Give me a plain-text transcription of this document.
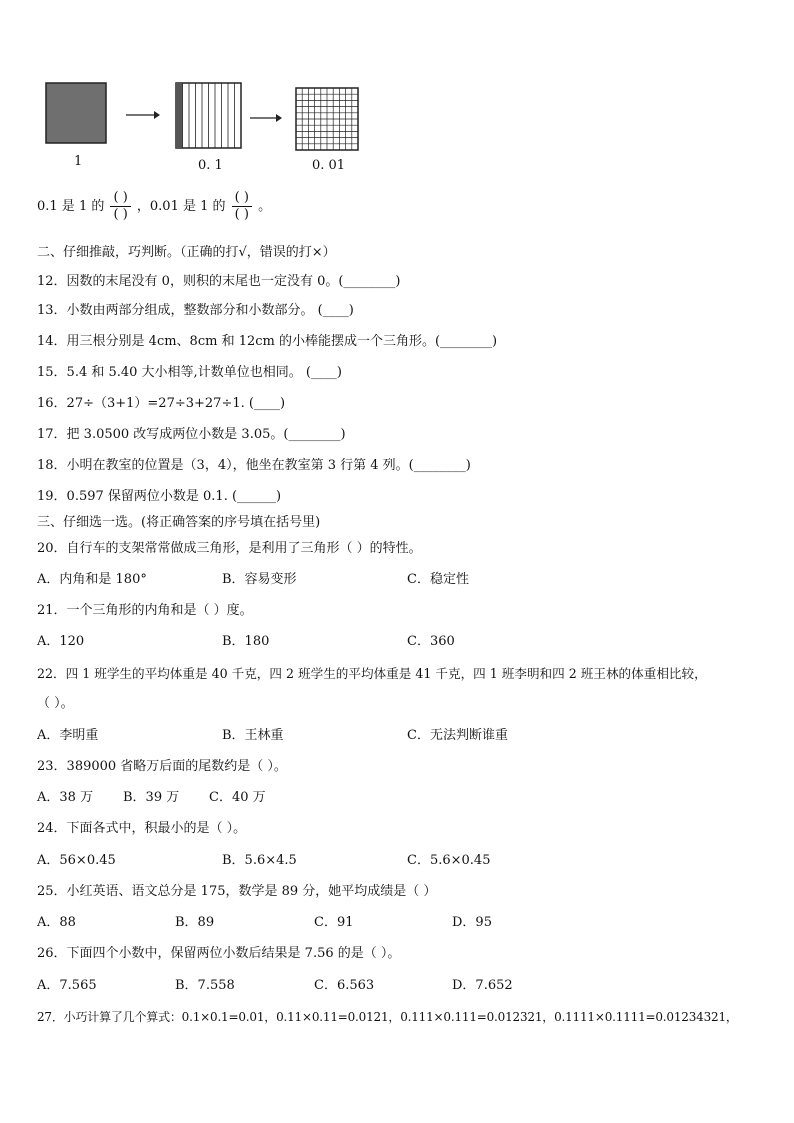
1	0. 1	0. 01
0.1 是 1 的 $\frac{( )}{( )}$ ，0.01 是 1 的 $\frac{( )}{( )}$ 。
二、仔细推敲，巧判断。（正确的打√，错误的打×）
12．因数的末尾没有 0，则积的末尾也一定没有 0。(________)
13．小数由两部分组成，整数部分和小数部分。 (____)
14．用三根分别是 4cm、8cm 和 12cm 的小棒能摆成一个三角形。(________)
15．5.4 和 5.40 大小相等,计数单位也相同。 (____)
16．27÷（3+1）=27÷3+27÷1. (____)
17．把 3.0500 改写成两位小数是 3.05。(________)
18．小明在教室的位置是（3，4），他坐在教室第 3 行第 4 列。(________)
19．0.597 保留两位小数是 0.1. (______)
三、仔细选一选。(将正确答案的序号填在括号里)
20．自行车的支架常常做成三角形，是利用了三角形（ ）的特性。
A．内角和是 180°	B．容易变形	C．稳定性
21．一个三角形的内角和是（ ）度。
A．120	B．180	C．360
22．四 1 班学生的平均体重是 40 千克，四 2 班学生的平均体重是 41 千克，四 1 班李明和四 2 班王林的体重相比较，
（ ）。
A．李明重	B．王林重	C．无法判断谁重
23．389000 省略万后面的尾数约是（ ）。
A．38 万 B．39 万 C．40 万
24．下面各式中，积最小的是（ ）。
A．56×0.45	B．5.6×4.5	C．5.6×0.45
25．小红英语、语文总分是 175，数学是 89 分，她平均成绩是（ ）
A．88	B．89	C．91	D．95
26．下面四个小数中，保留两位小数后结果是 7.56 的是（ ）。
A．7.565	B．7.558	C．6.563	D．7.652
27．小巧计算了几个算式：0.1×0.1=0.01，0.11×0.11=0.0121，0.111×0.111=0.012321，0.1111×0.1111=0.01234321，
